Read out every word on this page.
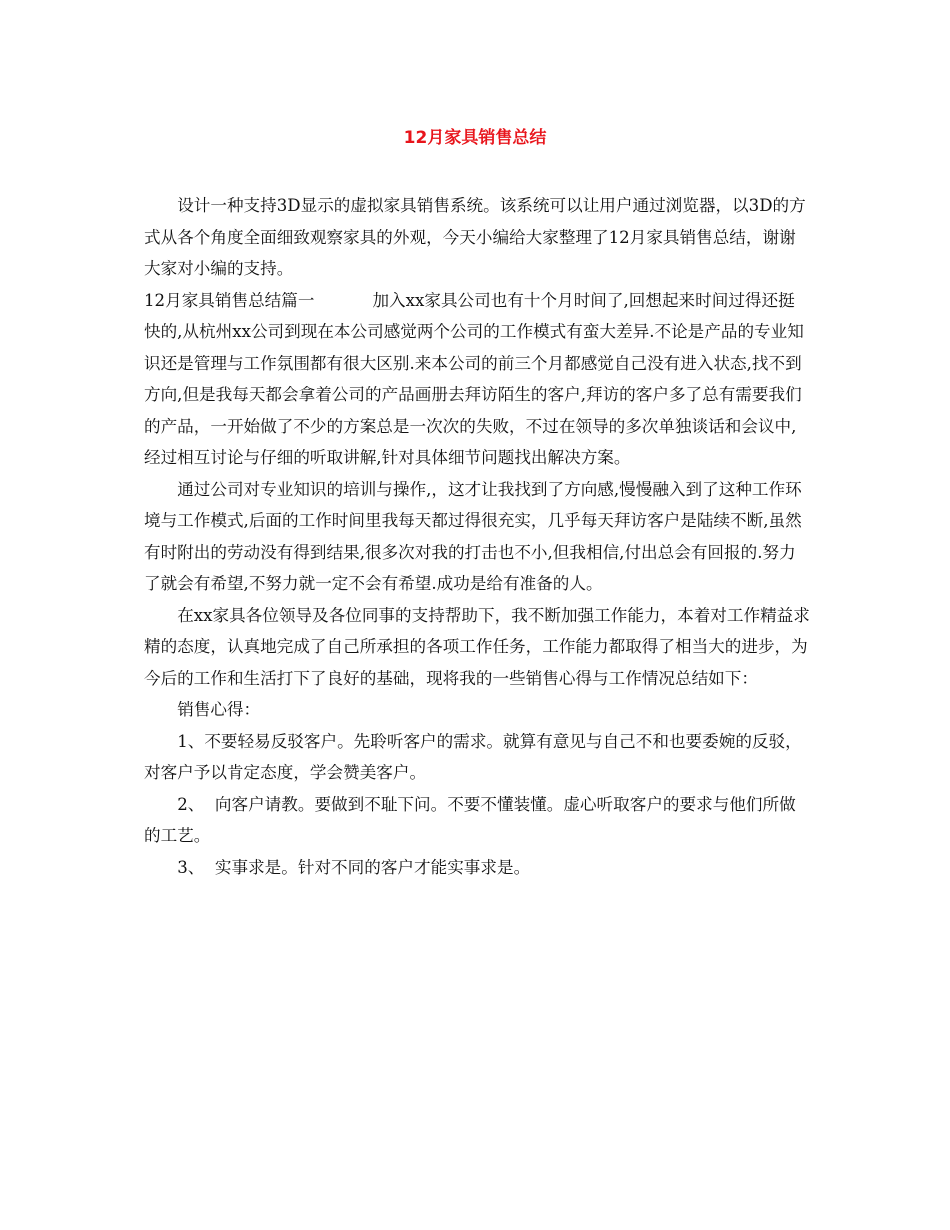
12月家具销售总结

设计一种支持3D显示的虚拟家具销售系统。该系统可以让用户通过浏览器，以3D的方式从各个角度全面细致观察家具的外观，今天小编给大家整理了12月家具销售总结，谢谢大家对小编的支持。

12月家具销售总结篇一	加入xx家具公司也有十个月时间了,回想起来时间过得还挺快的,从杭州xx公司到现在本公司感觉两个公司的工作模式有蛮大差异.不论是产品的专业知识还是管理与工作氛围都有很大区别.来本公司的前三个月都感觉自己没有进入状态,找不到方向,但是我每天都会拿着公司的产品画册去拜访陌生的客户,拜访的客户多了总有需要我们的产品，一开始做了不少的方案总是一次次的失败，不过在领导的多次单独谈话和会议中,经过相互讨论与仔细的听取讲解,针对具体细节问题找出解决方案。

通过公司对专业知识的培训与操作,，这才让我找到了方向感,慢慢融入到了这种工作环境与工作模式,后面的工作时间里我每天都过得很充实，几乎每天拜访客户是陆续不断,虽然有时附出的劳动没有得到结果,很多次对我的打击也不小,但我相信,付出总会有回报的.努力了就会有希望,不努力就一定不会有希望.成功是给有准备的人。

在xx家具各位领导及各位同事的支持帮助下，我不断加强工作能力，本着对工作精益求精的态度，认真地完成了自己所承担的各项工作任务，工作能力都取得了相当大的进步，为今后的工作和生活打下了良好的基础，现将我的一些销售心得与工作情况总结如下：

销售心得：

1、不要轻易反驳客户。先聆听客户的需求。就算有意见与自己不和也要委婉的反驳，对客户予以肯定态度，学会赞美客户。

2、  向客户请教。要做到不耻下问。不要不懂装懂。虚心听取客户的要求与他们所做的工艺。

3、  实事求是。针对不同的客户才能实事求是。
